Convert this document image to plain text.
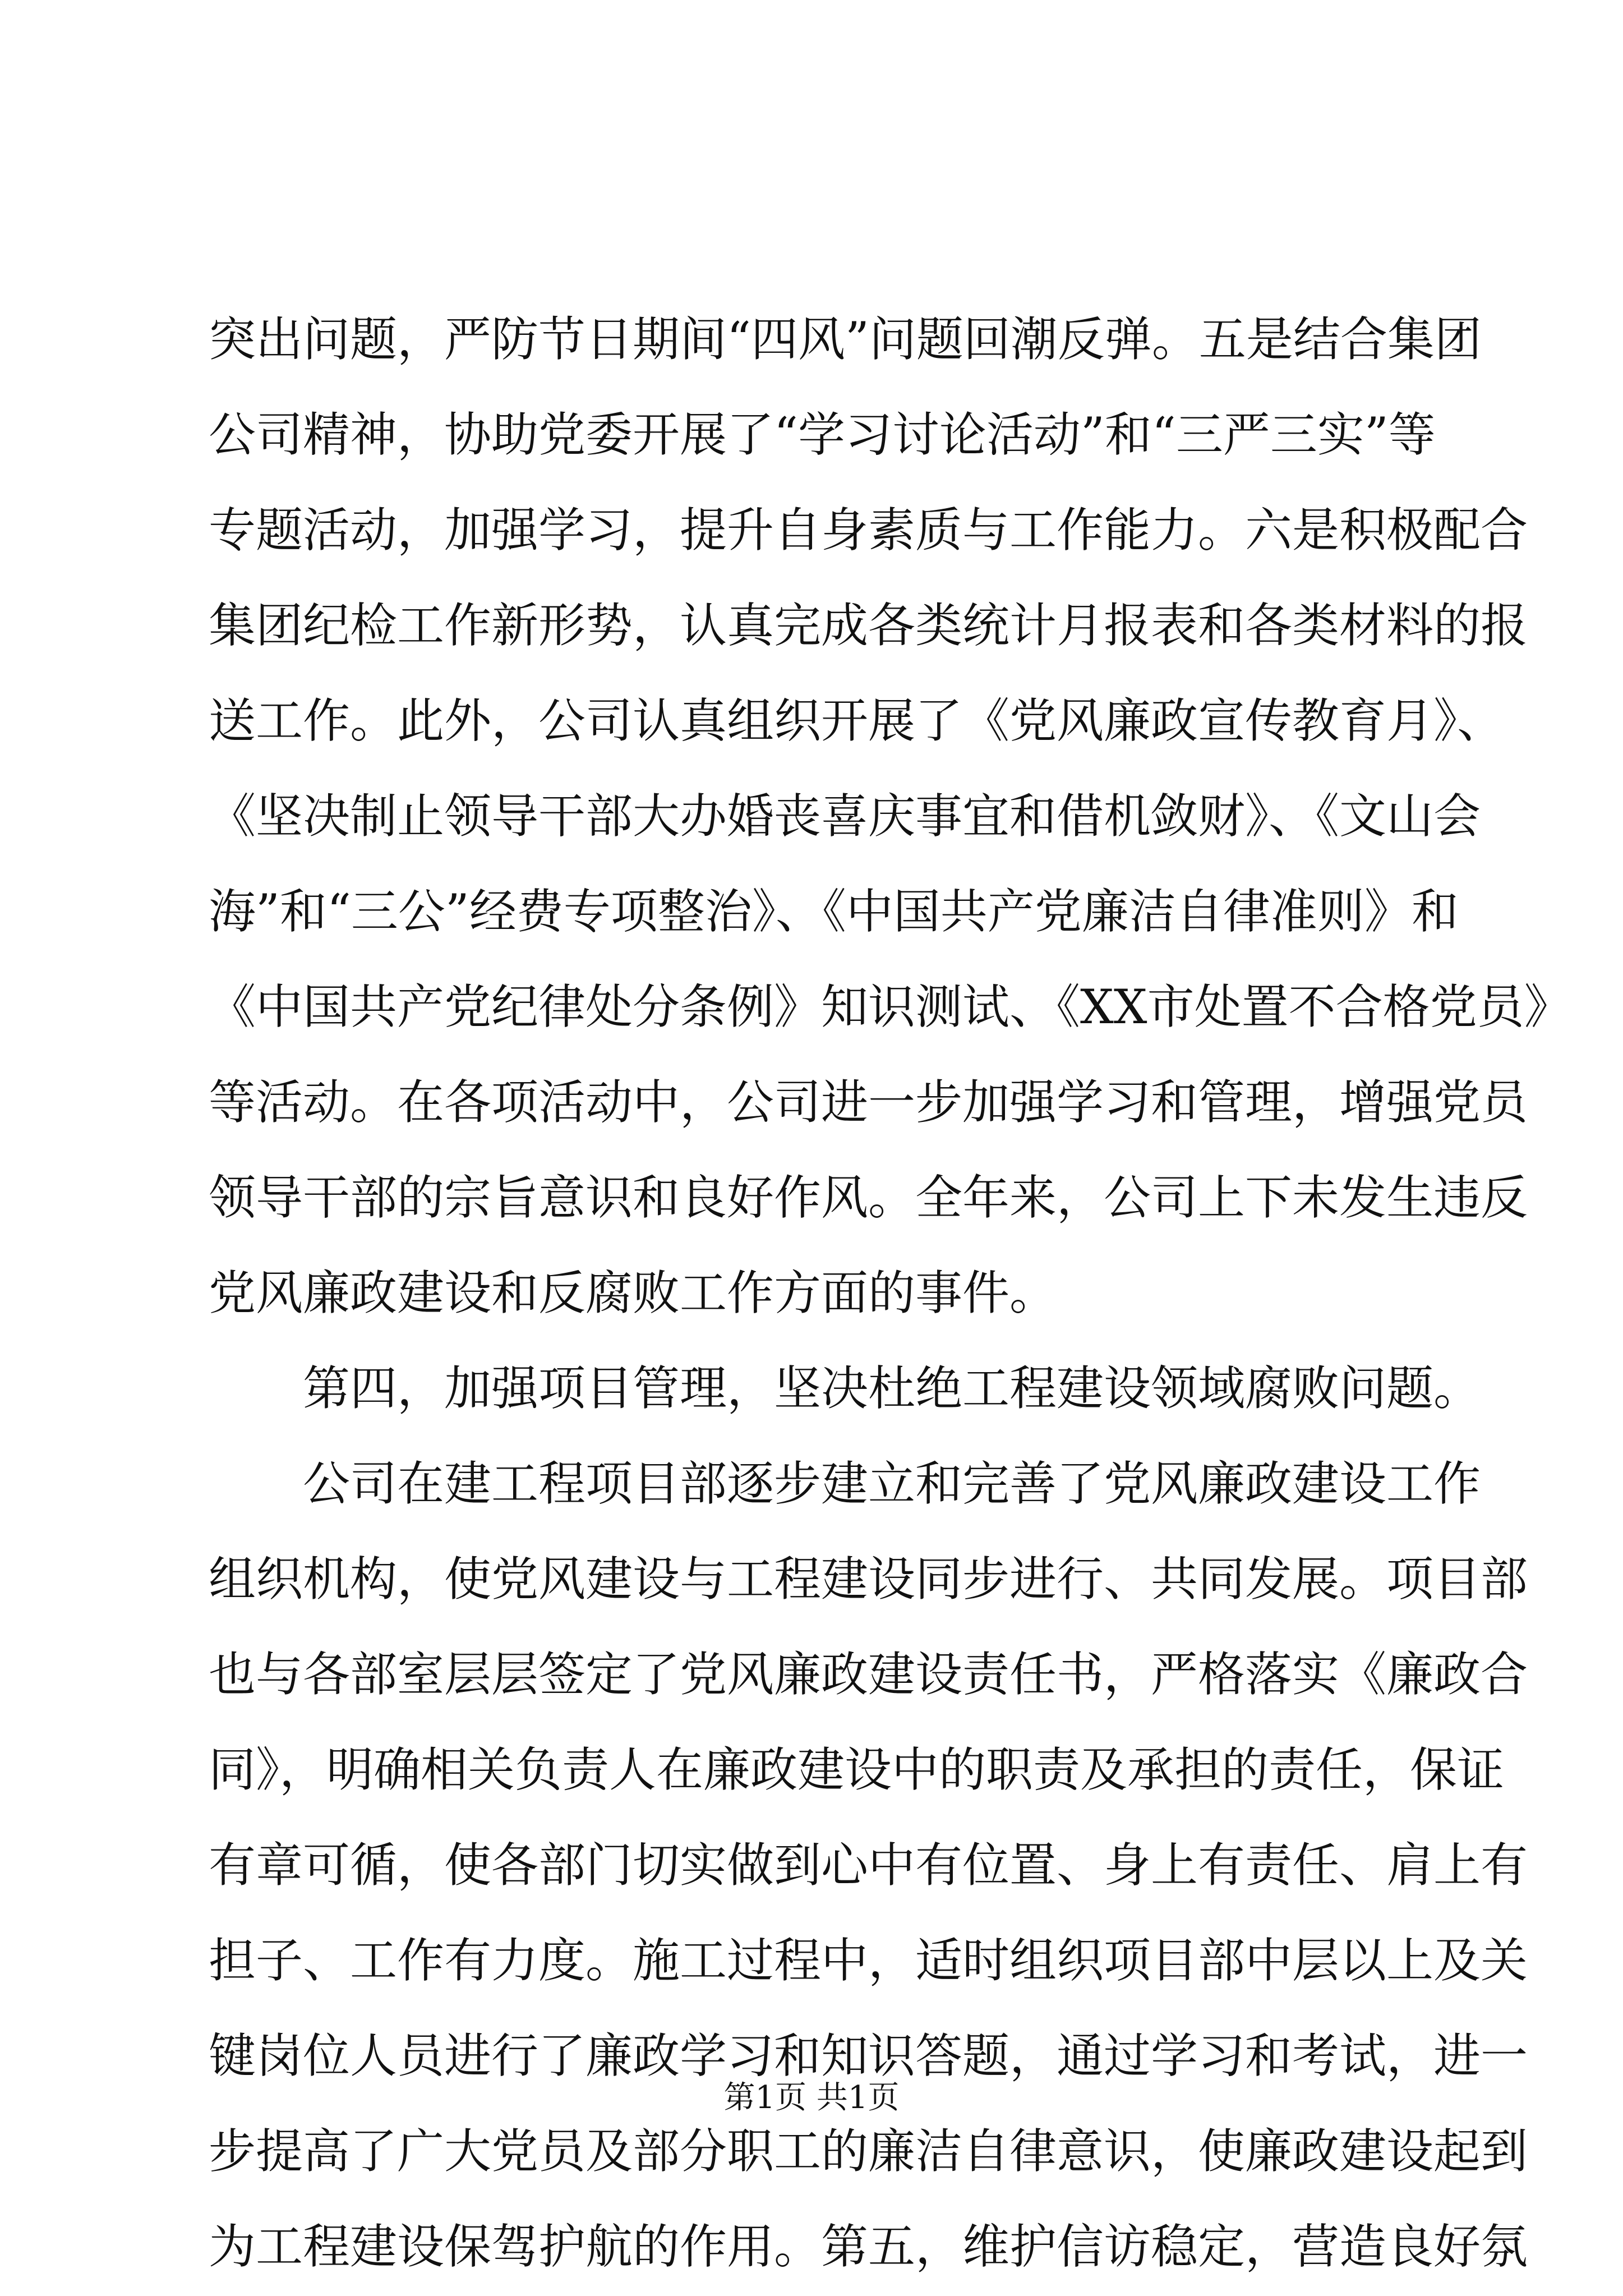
突出问题，严防节日期间“四风”问题回潮反弹。五是结合集团
公司精神，协助党委开展了“学习讨论活动”和“三严三实”等
专题活动，加强学习，提升自身素质与工作能力。六是积极配合
集团纪检工作新形势，认真完成各类统计月报表和各类材料的报
送工作。此外，公司认真组织开展了《党风廉政宣传教育月》、
《坚决制止领导干部大办婚丧喜庆事宜和借机敛财》、《文山会
海”和“三公”经费专项整治》、《中国共产党廉洁自律准则》和
《中国共产党纪律处分条例》知识测试、《XX市处置不合格党员》
等活动。在各项活动中，公司进一步加强学习和管理，增强党员
领导干部的宗旨意识和良好作风。全年来，公司上下未发生违反
党风廉政建设和反腐败工作方面的事件。
第四，加强项目管理，坚决杜绝工程建设领域腐败问题。
公司在建工程项目部逐步建立和完善了党风廉政建设工作
组织机构，使党风建设与工程建设同步进行、共同发展。项目部
也与各部室层层签定了党风廉政建设责任书，严格落实《廉政合
同》，明确相关负责人在廉政建设中的职责及承担的责任，保证
有章可循，使各部门切实做到心中有位置、身上有责任、肩上有
担子、工作有力度。施工过程中，适时组织项目部中层以上及关
键岗位人员进行了廉政学习和知识答题，通过学习和考试，进一
步提高了广大党员及部分职工的廉洁自律意识，使廉政建设起到
为工程建设保驾护航的作用。第五，维护信访稳定，营造良好氛
第1页 共1页
